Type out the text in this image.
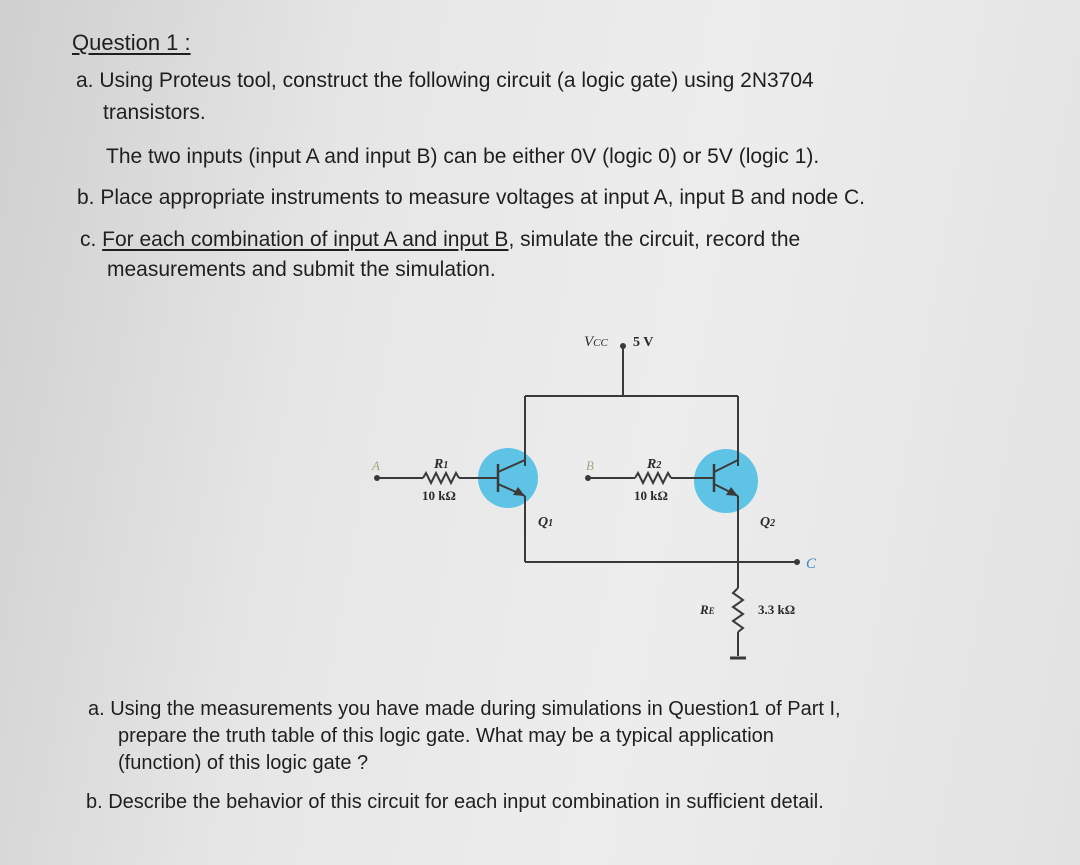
Question 1 :
a. Using Proteus tool, construct the following circuit (a logic gate) using 2N3704
transistors.
The two inputs (input A and input B) can be either 0V (logic 0) or 5V (logic 1).
b. Place appropriate instruments to measure voltages at input A, input B and node C.
c. For each combination of input A and input B, simulate the circuit, record the
measurements and submit the simulation.
VCC 5 V
A	B
R1
10 kΩ
R2
10 kΩ
Q1	Q2
C
RE	3.3 kΩ
a. Using the measurements you have made during simulations in Question1 of Part I,
prepare the truth table of this logic gate. What may be a typical application
(function) of this logic gate ?
b. Describe the behavior of this circuit for each input combination in sufficient detail.
